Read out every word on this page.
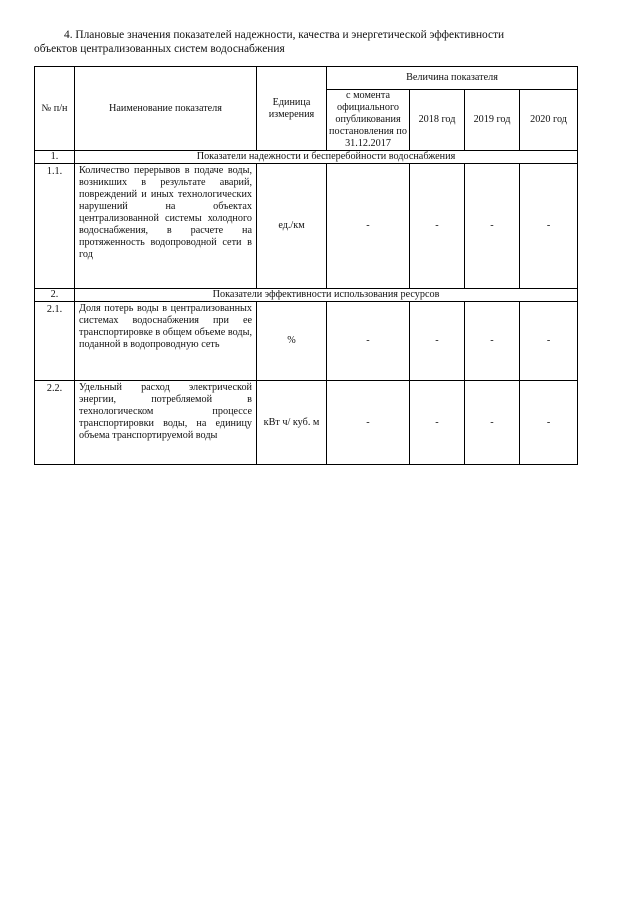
4. Плановые значения показателей надежности, качества и энергетической эффективности
объектов централизованных систем водоснабжения
№ п/н	Наименование показателя	Единица измерения	Величина показателя			
			с момента официального опубликования постановления по 31.12.2017	2018 год	2019 год	2020 год
1.	Показатели надежности и бесперебойности водоснабжения					
1.1.	Количество перерывов в подаче воды, возникших в результате аварий, повреждений и иных технологических нарушений на объектах централизованной системы холодного водоснабжения, в расчете на протяженность водопроводной сети в год	ед./км	-	-	-	-
2.	Показатели эффективности использования ресурсов					
2.1.	Доля потерь воды в централизованных системах водоснабжения при ее транспортировке в общем объеме воды, поданной в водопроводную сеть	%	-	-	-	-
2.2.	Удельный расход электрической энергии, потребляемой в технологическом процессе транспортировки воды, на единицу объема транспортируемой воды	кВт ч/ куб. м	-	-	-	-
